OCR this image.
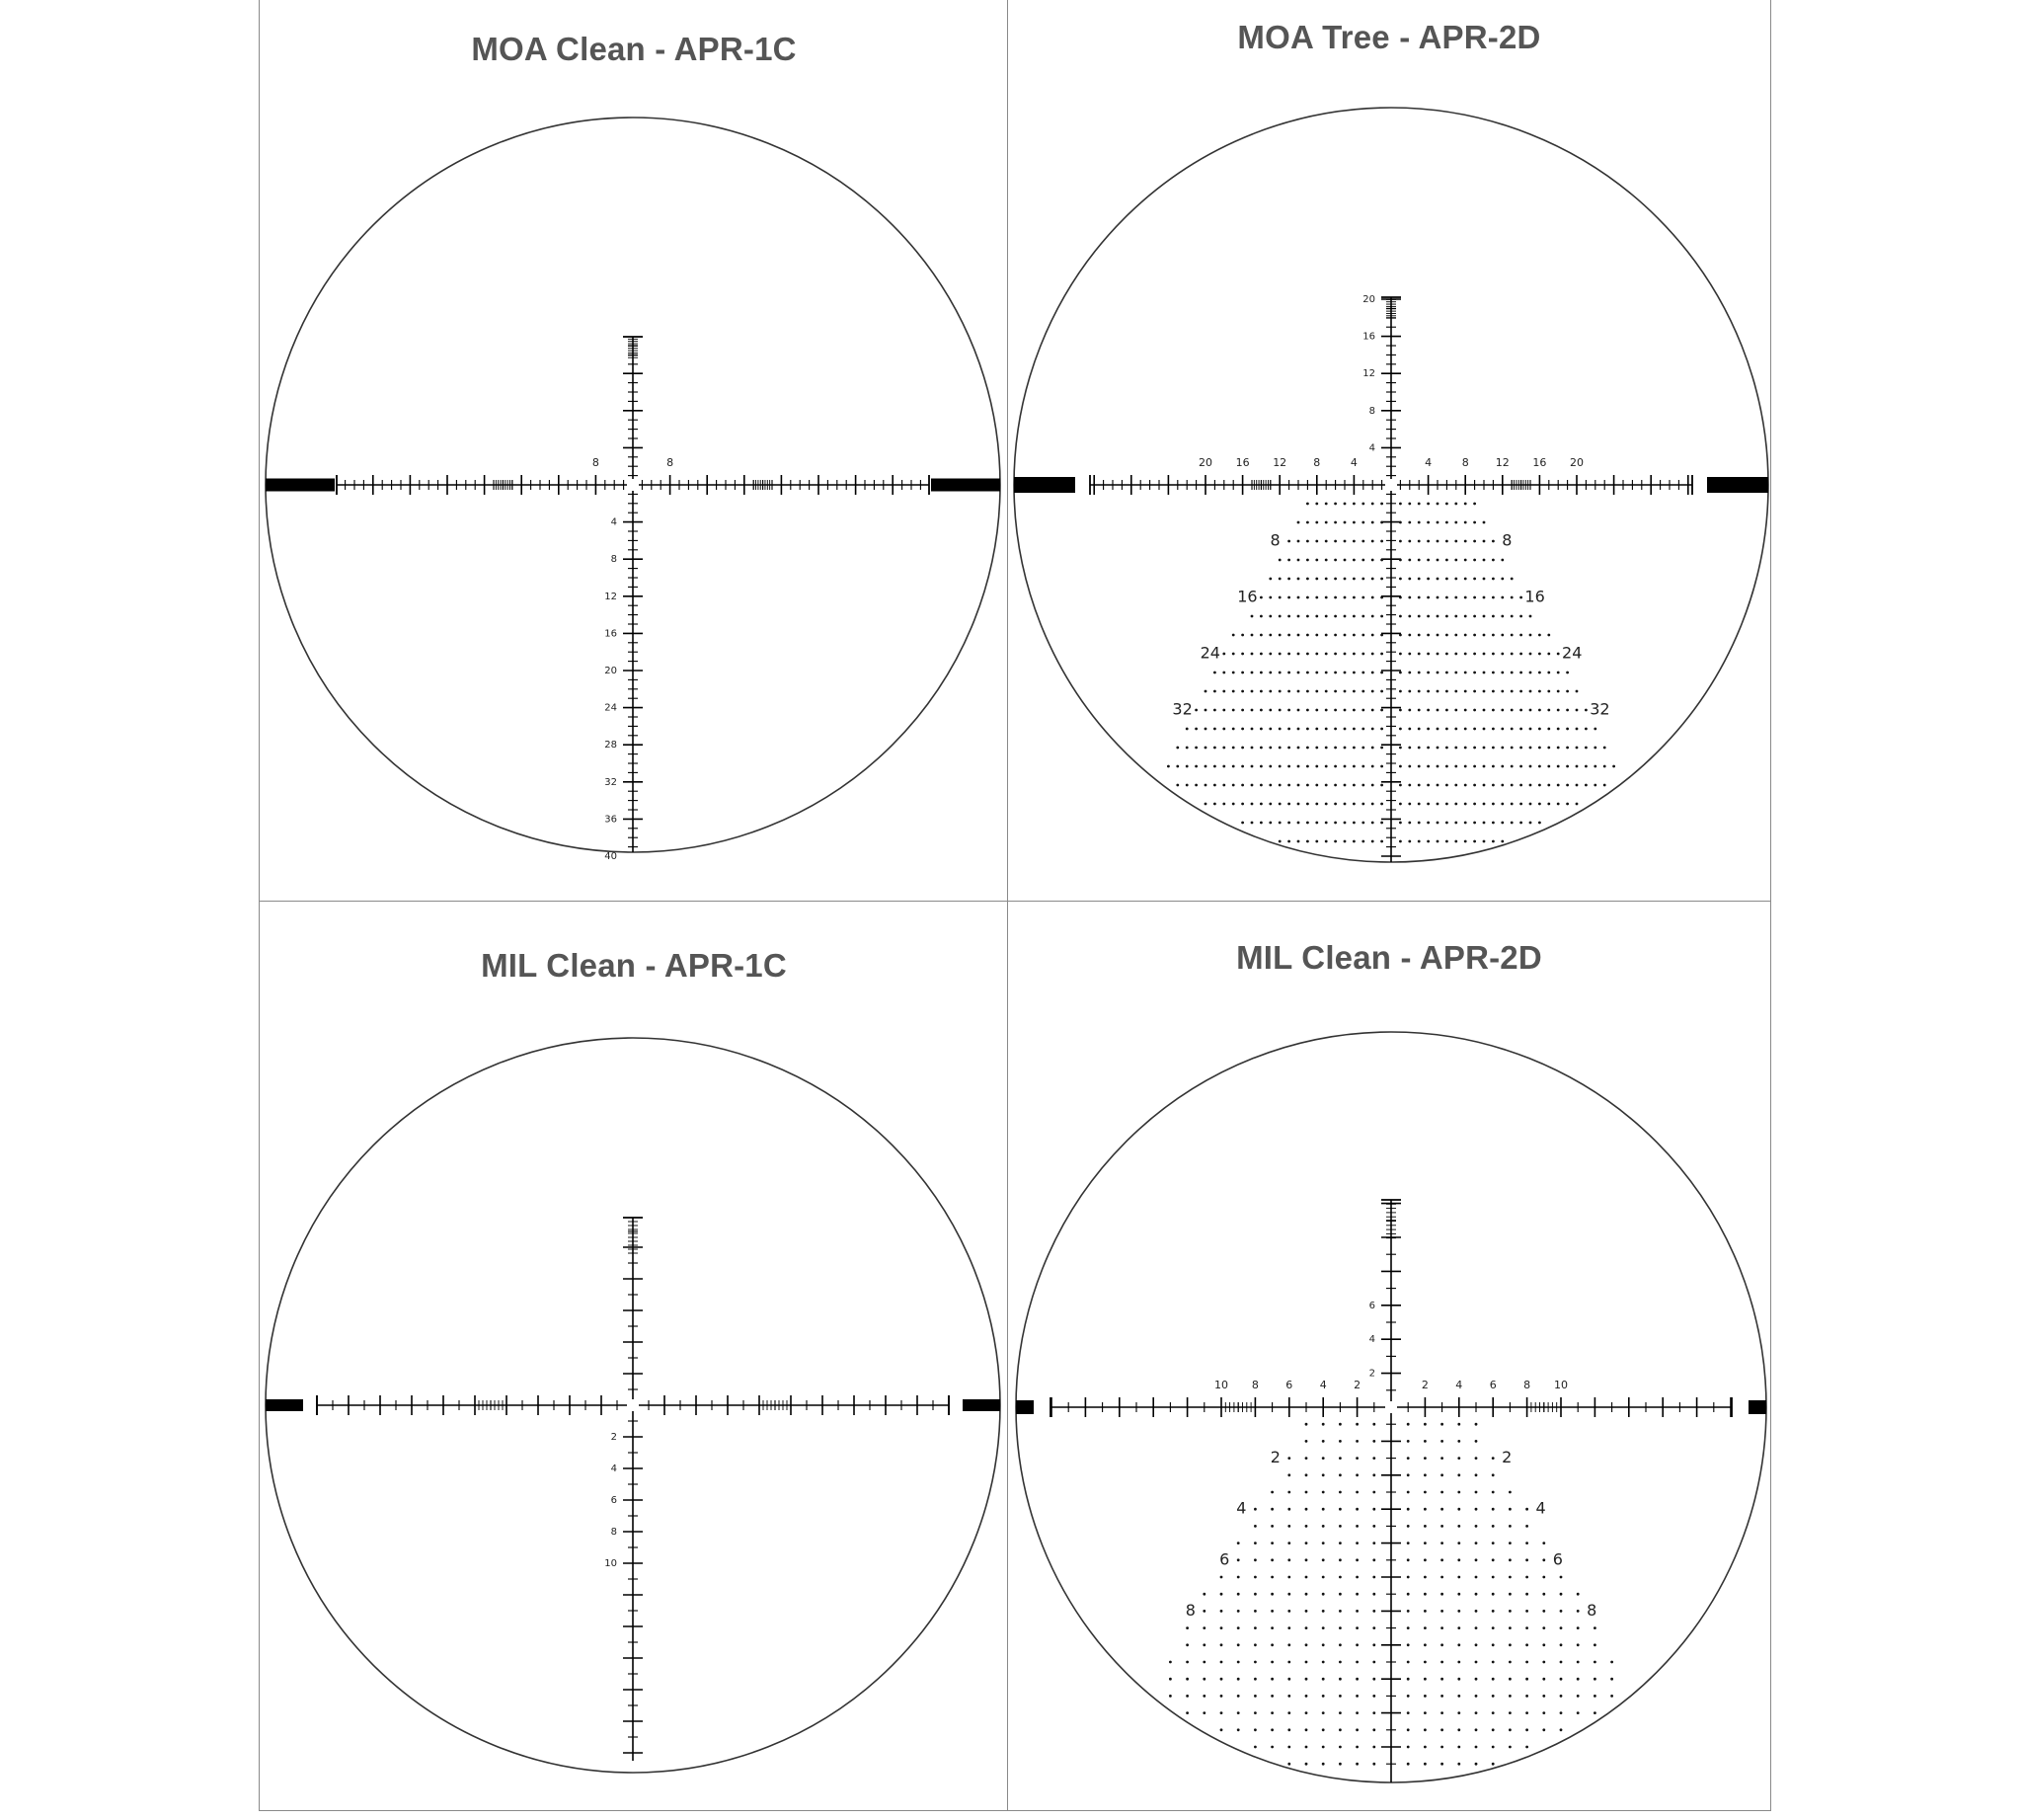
MOA Clean - APR-1C
8	8
4
8
12
16
20
24
28
32
36
40
MOA Tree - APR-2D
20 16 12 8	4	4	8 12 16 20
4
8
12
16
20
8	8
16	16
24	24
32	32
MIL Clean - APR-1C
2
4
6
8
10
MIL Clean - APR-2D
10 8 6 4 2	2 4 6 8 10
2
4
6
2	2
4	4
6	6
8	8
